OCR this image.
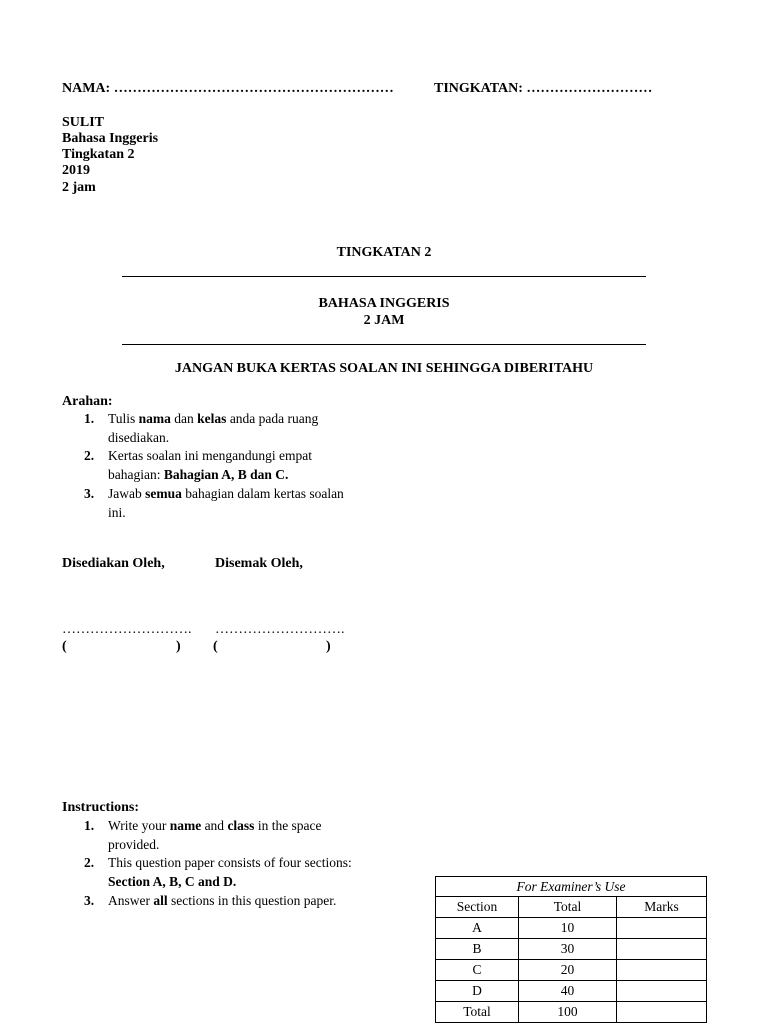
NAMA: ……………………………………………………	TINGKATAN: ………………………
SULIT
Bahasa Inggeris
Tingkatan 2
2019
2 jam
TINGKATAN 2
BAHASA INGGERIS
2 JAM
JANGAN BUKA KERTAS SOALAN INI SEHINGGA DIBERITAHU
Arahan:
1. Tulis nama dan kelas anda pada ruang disediakan.
2. Kertas soalan ini mengandungi empat bahagian: Bahagian A, B dan C.
3. Jawab semua bahagian dalam kertas soalan ini.
Disediakan Oleh,	Disemak Oleh,
………………………. ……………………….
(	) (	)
Instructions:
1. Write your name and class in the space provided.
2. This question paper consists of four sections: Section A, B, C and D.
3. Answer all sections in this question paper.
For Examiner’s Use		
Section	Total	Marks
A	10	
B	30	
C	20	
D	40	
Total	100	
